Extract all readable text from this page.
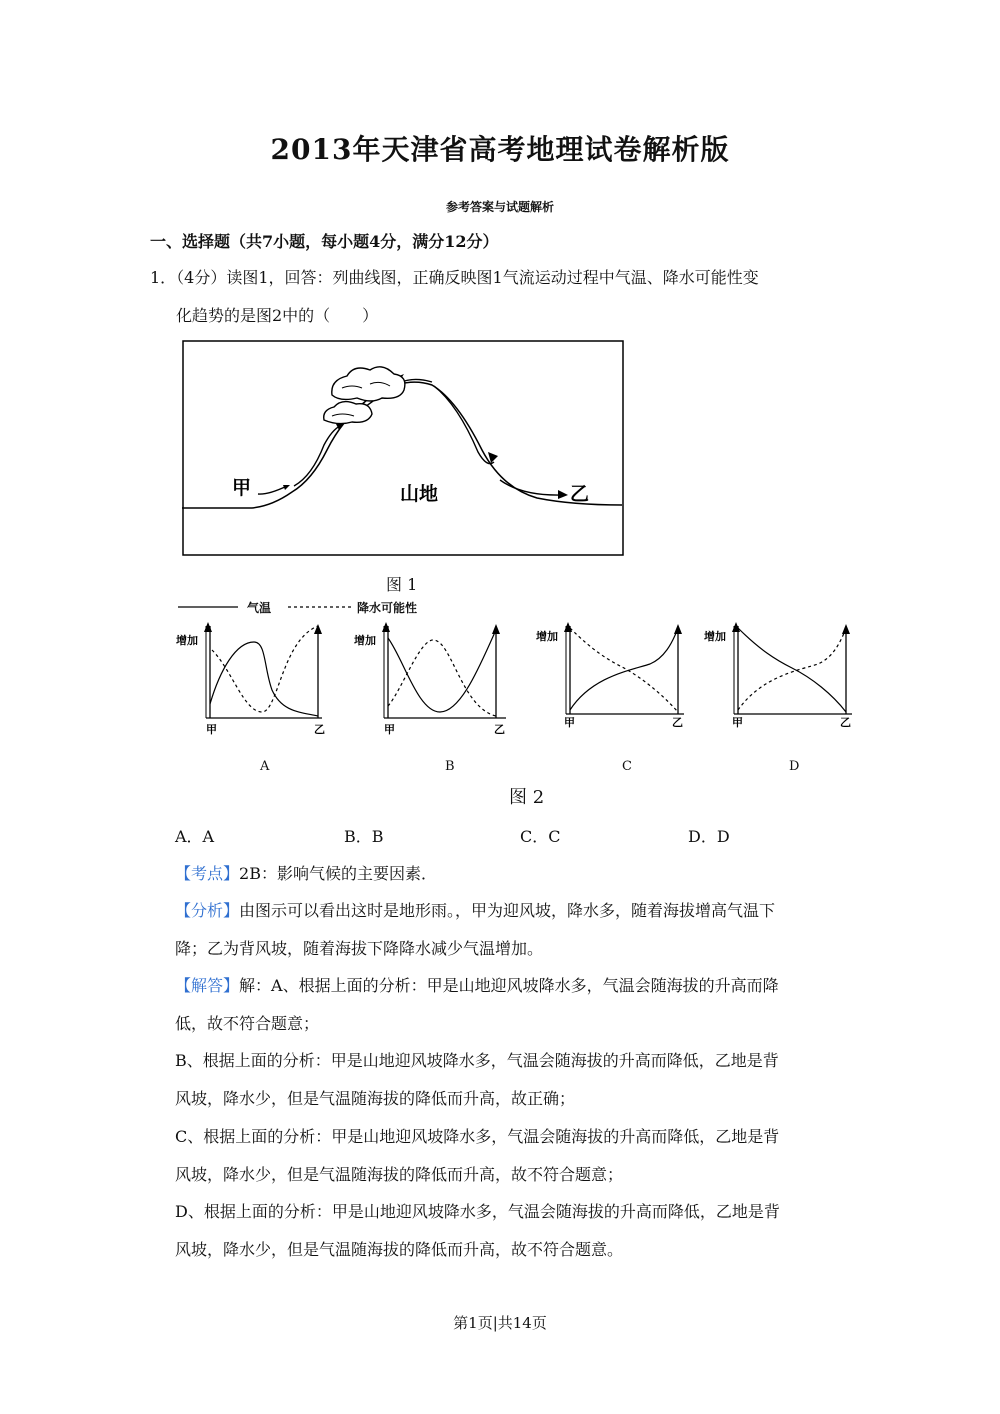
2013年天津省高考地理试卷解析版
参考答案与试题解析
一、选择题（共7小题，每小题4分，满分12分）
1．（4分）读图1，回答：列曲线图，正确反映图1气流运动过程中气温、降水可能性变
化趋势的是图2中的（　　）
甲	山地	乙
图 1
气温	降水可能性
增加
甲	乙
增加
甲	乙
增加
甲	乙
增加
甲	乙
A	B	C	D
图 2
A．A	B．B	C．C	D．D
【考点】2B：影响气候的主要因素．
【分析】由图示可以看出这时是地形雨。，甲为迎风坡，降水多，随着海拔增高气温下
降；乙为背风坡，随着海拔下降降水减少气温增加。
【解答】解：A、根据上面的分析：甲是山地迎风坡降水多，气温会随海拔的升高而降
低，故不符合题意；
B、根据上面的分析：甲是山地迎风坡降水多，气温会随海拔的升高而降低，乙地是背
风坡，降水少，但是气温随海拔的降低而升高，故正确；
C、根据上面的分析：甲是山地迎风坡降水多，气温会随海拔的升高而降低，乙地是背
风坡，降水少，但是气温随海拔的降低而升高，故不符合题意；
D、根据上面的分析：甲是山地迎风坡降水多，气温会随海拔的升高而降低，乙地是背
风坡，降水少，但是气温随海拔的降低而升高，故不符合题意。
第1页|共14页
